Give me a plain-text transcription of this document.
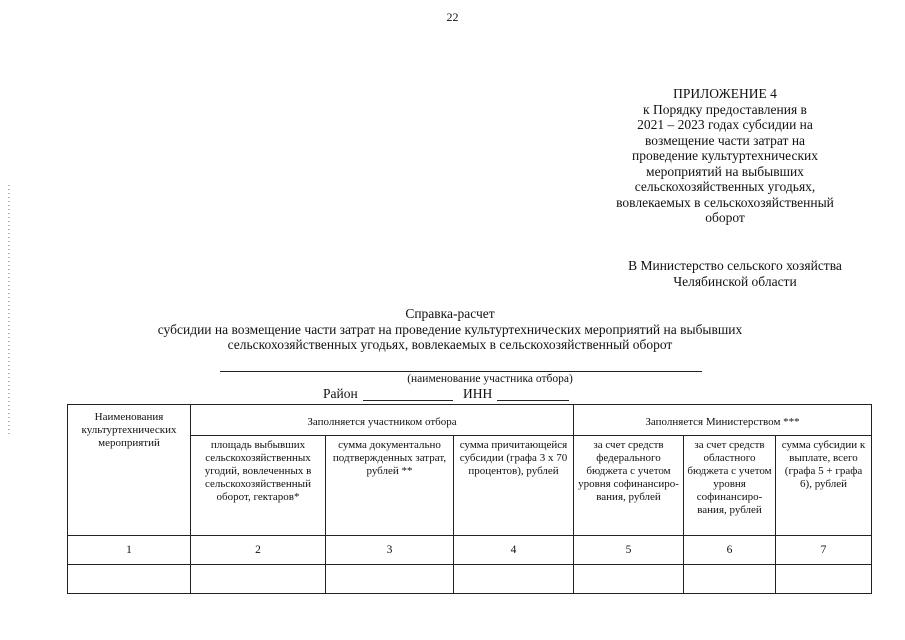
22
ПРИЛОЖЕНИЕ 4
к Порядку предоставления в
2021 – 2023 годах субсидии на
возмещение части затрат на
проведение культуртехнических
мероприятий на выбывших
сельскохозяйственных угодьях,
вовлекаемых в сельскохозяйственный
оборот
В Министерство сельского хозяйства
Челябинской области
Справка-расчет
субсидии на возмещение части затрат на проведение культуртехнических мероприятий на выбывших
сельскохозяйственных угодьях, вовлекаемых в сельскохозяйственный оборот
(наименование участника отбора)
Район	ИНН
Наименования культуртехнических мероприятий	Заполняется участником отбора			Заполняется Министерством ***		
	площадь выбывших сельскохозяйственных угодий, вовлеченных в сельскохозяйственный оборот, гектаров*	сумма документально подтвержденных затрат, рублей **	сумма причитающейся субсидии (графа 3 х 70 процентов), рублей	за счет средств федерального бюджета с учетом уровня софинансиро-вания, рублей	за счет средств областного бюджета с учетом уровня софинансиро-вания, рублей	сумма субсидии к выплате, всего (графа 5 + графа 6), рублей
1	2	3	4	5	6	7
